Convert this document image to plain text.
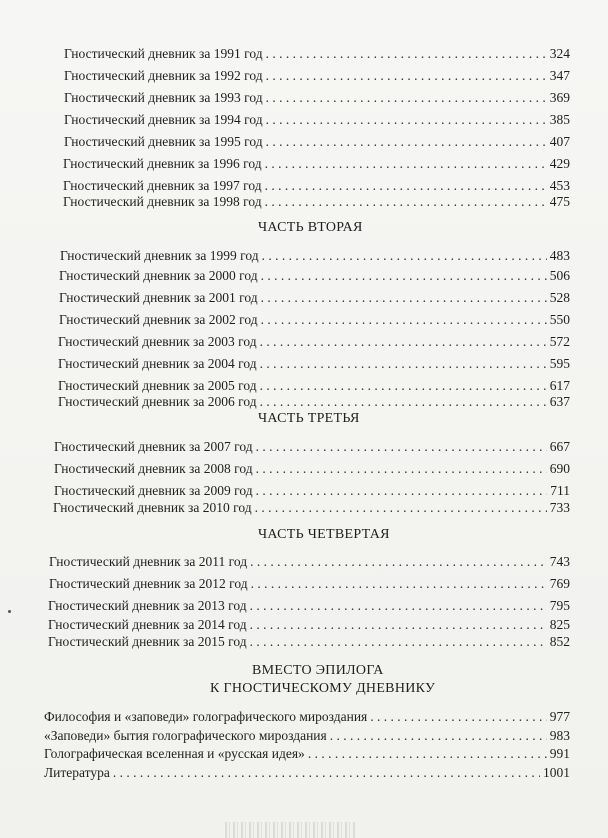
Гностический дневник за 1991 год . . .	324
Гностический дневник за 1992 год . . .	347
Гностический дневник за 1993 год . . .	369
Гностический дневник за 1994 год . . .	385
Гностический дневник за 1995 год . . .	407
Гностический дневник за 1996 год . . .	429
Гностический дневник за 1997 год . . .	453
Гностический дневник за 1998 год . . .	475
ЧАСТЬ ВТОРАЯ
Гностический дневник за 1999 год . . .	483
Гностический дневник за 2000 год . . .	506
Гностический дневник за 2001 год . . .	528
Гностический дневник за 2002 год . . .	550
Гностический дневник за 2003 год . . .	572
Гностический дневник за 2004 год . . .	595
Гностический дневник за 2005 год . . .	617
Гностический дневник за 2006 год . . .	637
ЧАСТЬ ТРЕТЬЯ
Гностический дневник за 2007 год . . .	667
Гностический дневник за 2008 год . . .	690
Гностический дневник за 2009 год . . .	711
Гностический дневник за 2010 год . . .	733
ЧАСТЬ ЧЕТВЕРТАЯ
Гностический дневник за 2011 год . . .	743
Гностический дневник за 2012 год . . .	769
Гностический дневник за 2013 год . . .	795
Гностический дневник за 2014 год . . .	825
Гностический дневник за 2015 год . . .	852
ВМЕСТО ЭПИЛОГА
К ГНОСТИЧЕСКОМУ ДНЕВНИКУ
Философия и «заповеди» голографического мироздания . . .	977
«Заповеди» бытия голографического мироздания . . .	983
Голографическая вселенная и «русская идея» . . .	991
Литература . . .	1001
